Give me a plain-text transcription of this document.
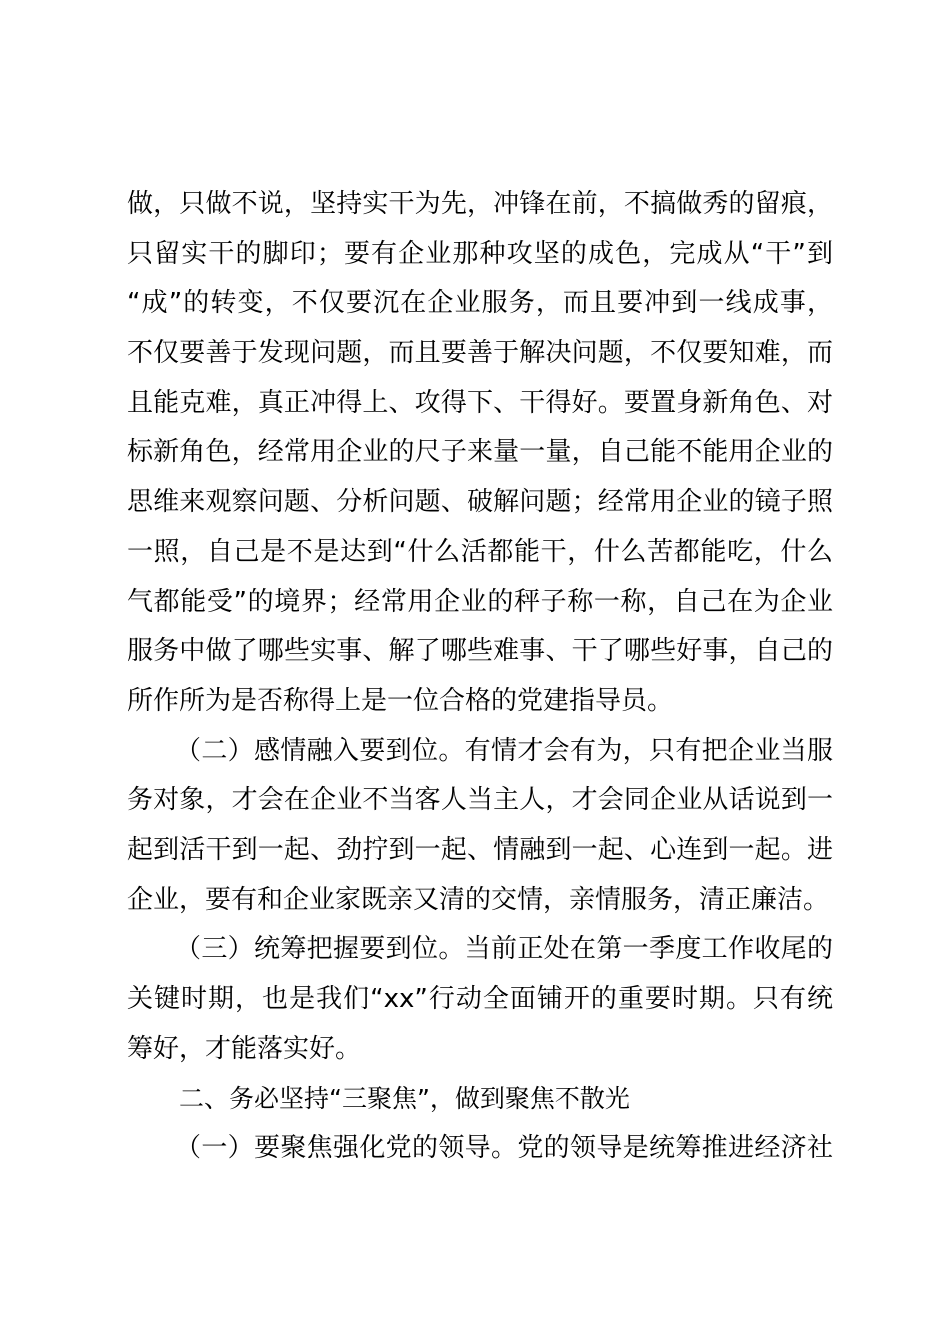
做，只做不说，坚持实干为先，冲锋在前，不搞做秀的留痕，
只留实干的脚印；要有企业那种攻坚的成色，完成从“干”到
“成”的转变，不仅要沉在企业服务，而且要冲到一线成事，
不仅要善于发现问题，而且要善于解决问题，不仅要知难，而
且能克难，真正冲得上、攻得下、干得好。要置身新角色、对
标新角色，经常用企业的尺子来量一量，自己能不能用企业的
思维来观察问题、分析问题、破解问题；经常用企业的镜子照
一照，自己是不是达到“什么活都能干，什么苦都能吃，什么
气都能受”的境界；经常用企业的秤子称一称，自己在为企业
服务中做了哪些实事、解了哪些难事、干了哪些好事，自己的
所作所为是否称得上是一位合格的党建指导员。
（二）感情融入要到位。有情才会有为，只有把企业当服
务对象，才会在企业不当客人当主人，才会同企业从话说到一
起到活干到一起、劲拧到一起、情融到一起、心连到一起。进
企业，要有和企业家既亲又清的交情，亲情服务，清正廉洁。
（三）统筹把握要到位。当前正处在第一季度工作收尾的
关键时期，也是我们“xx”行动全面铺开的重要时期。只有统
筹好，才能落实好。
二、务必坚持“三聚焦”，做到聚焦不散光
（一）要聚焦强化党的领导。党的领导是统筹推进经济社
